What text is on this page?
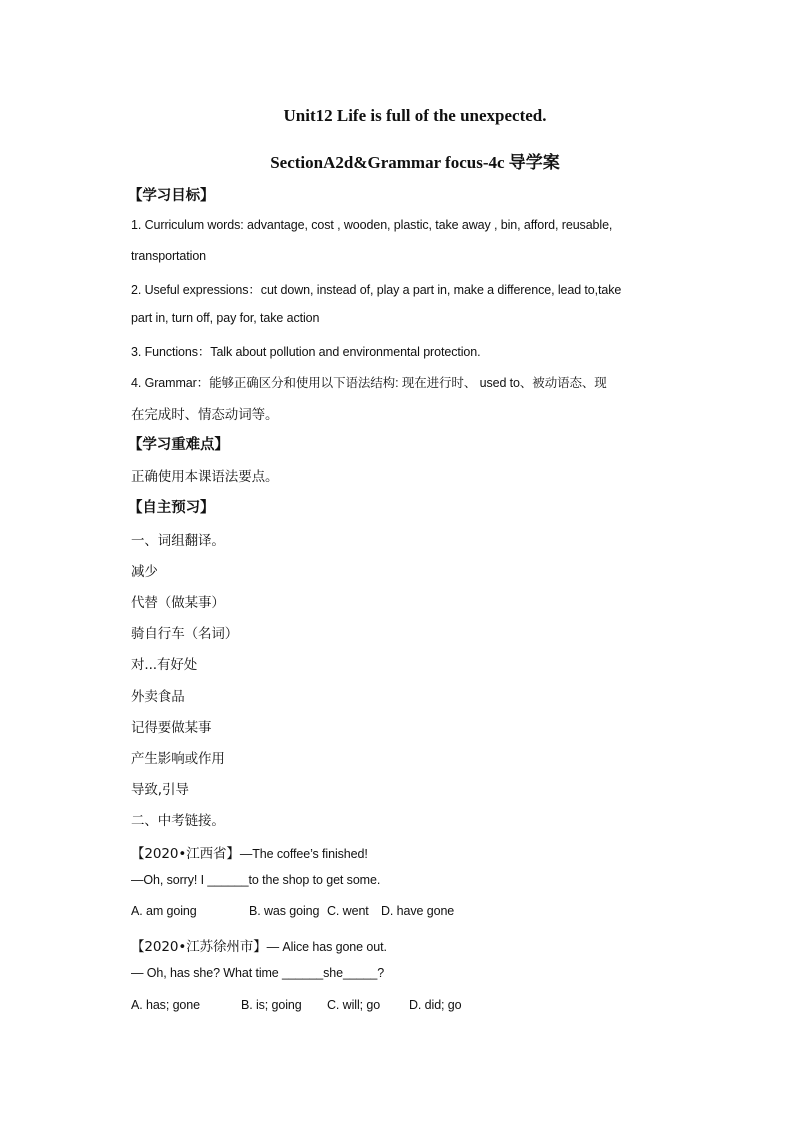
Unit12 Life is full of the unexpected.
SectionA2d&Grammar focus-4c 导学案
【学习目标】
1. Curriculum words: advantage, cost , wooden, plastic, take away , bin, afford, reusable,
transportation
2. Useful expressions：cut down, instead of, play a part in, make a difference, lead to,take
part in, turn off, pay for, take action
3. Functions：Talk about pollution and environmental protection.
4. Grammar：能够正确区分和使用以下语法结构: 现在进行时、 used to、被动语态、现
在完成时、情态动词等。
【学习重难点】
正确使用本课语法要点。
【自主预习】
一、词组翻译。
减少
代替（做某事）
骑自行车（名词）
对...有好处
外卖食品
记得要做某事
产生影响或作用
导致,引导
二、中考链接。
【2020•江西省】—The coffee’s finished!
—Oh, sorry! I ______to the shop to get some.
A. am going	B. was going C. went D. have gone
【2020•江苏徐州市】— Alice has gone out.
— Oh, has she? What time ______she_____?
A. has; gone	B. is; going C. will; go D. did; go
